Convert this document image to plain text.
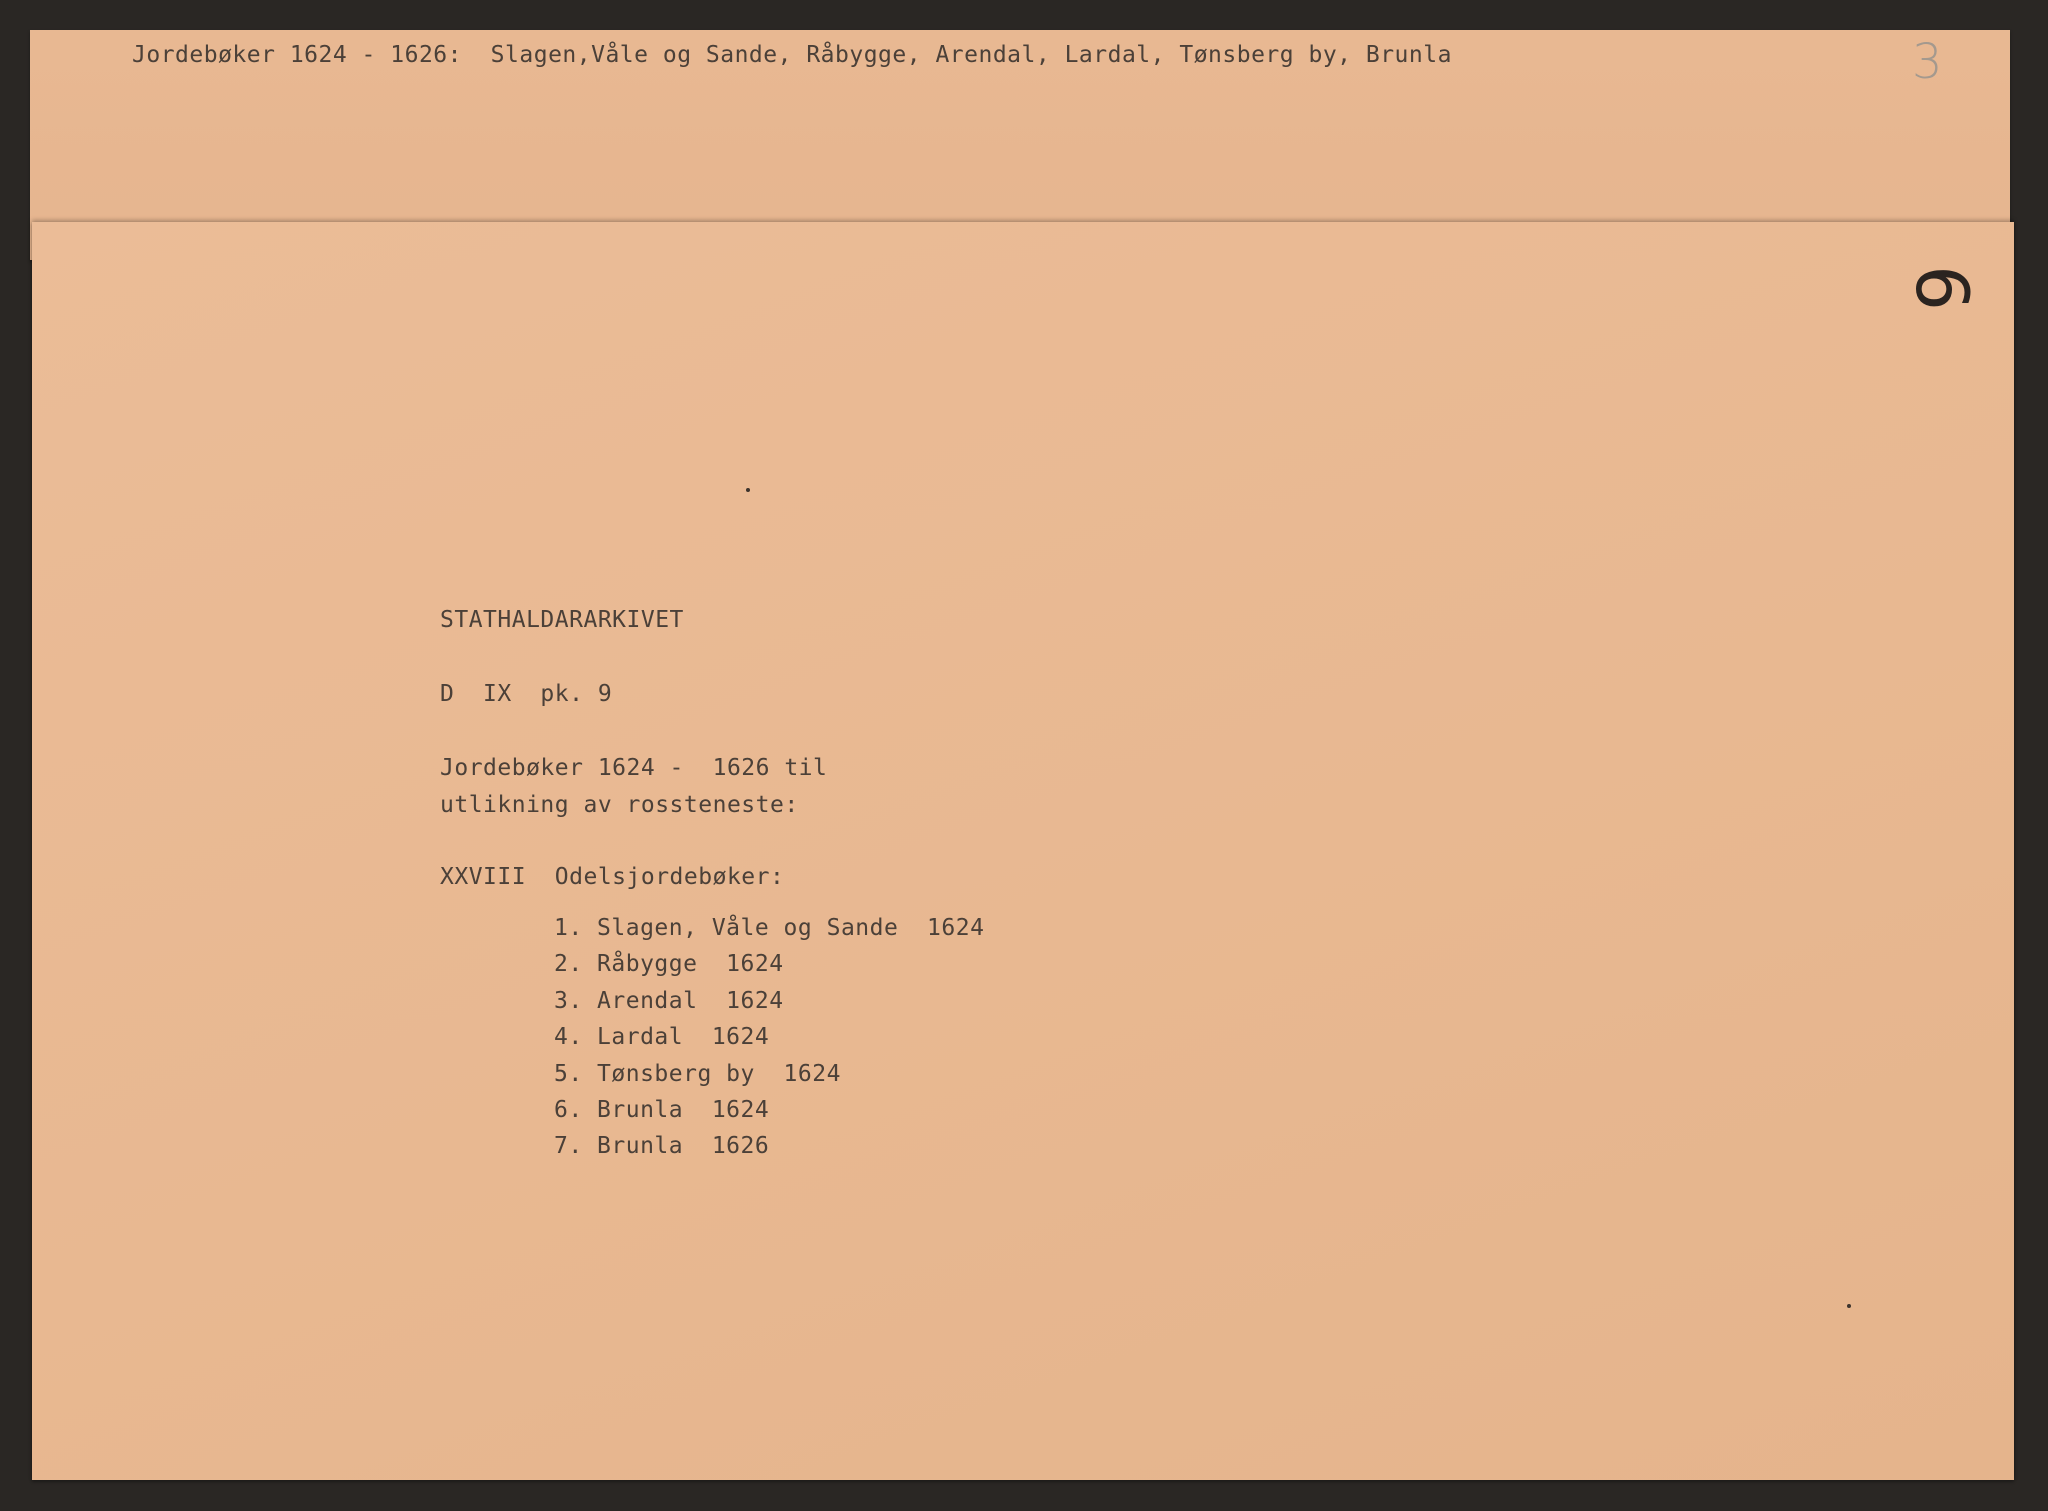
Jordebøker 1624 - 1626:  Slagen,Våle og Sande, Råbygge, Arendal, Lardal, Tønsberg by, Brunla	3
6
STATHALDARARKIVET
D  IX  pk. 9
Jordebøker 1624 -  1626 til
utlikning av rossteneste:
XXVIII  Odelsjordebøker:
1. Slagen, Våle og Sande  1624
2. Råbygge  1624
3. Arendal  1624
4. Lardal  1624
5. Tønsberg by  1624
6. Brunla  1624
7. Brunla  1626
